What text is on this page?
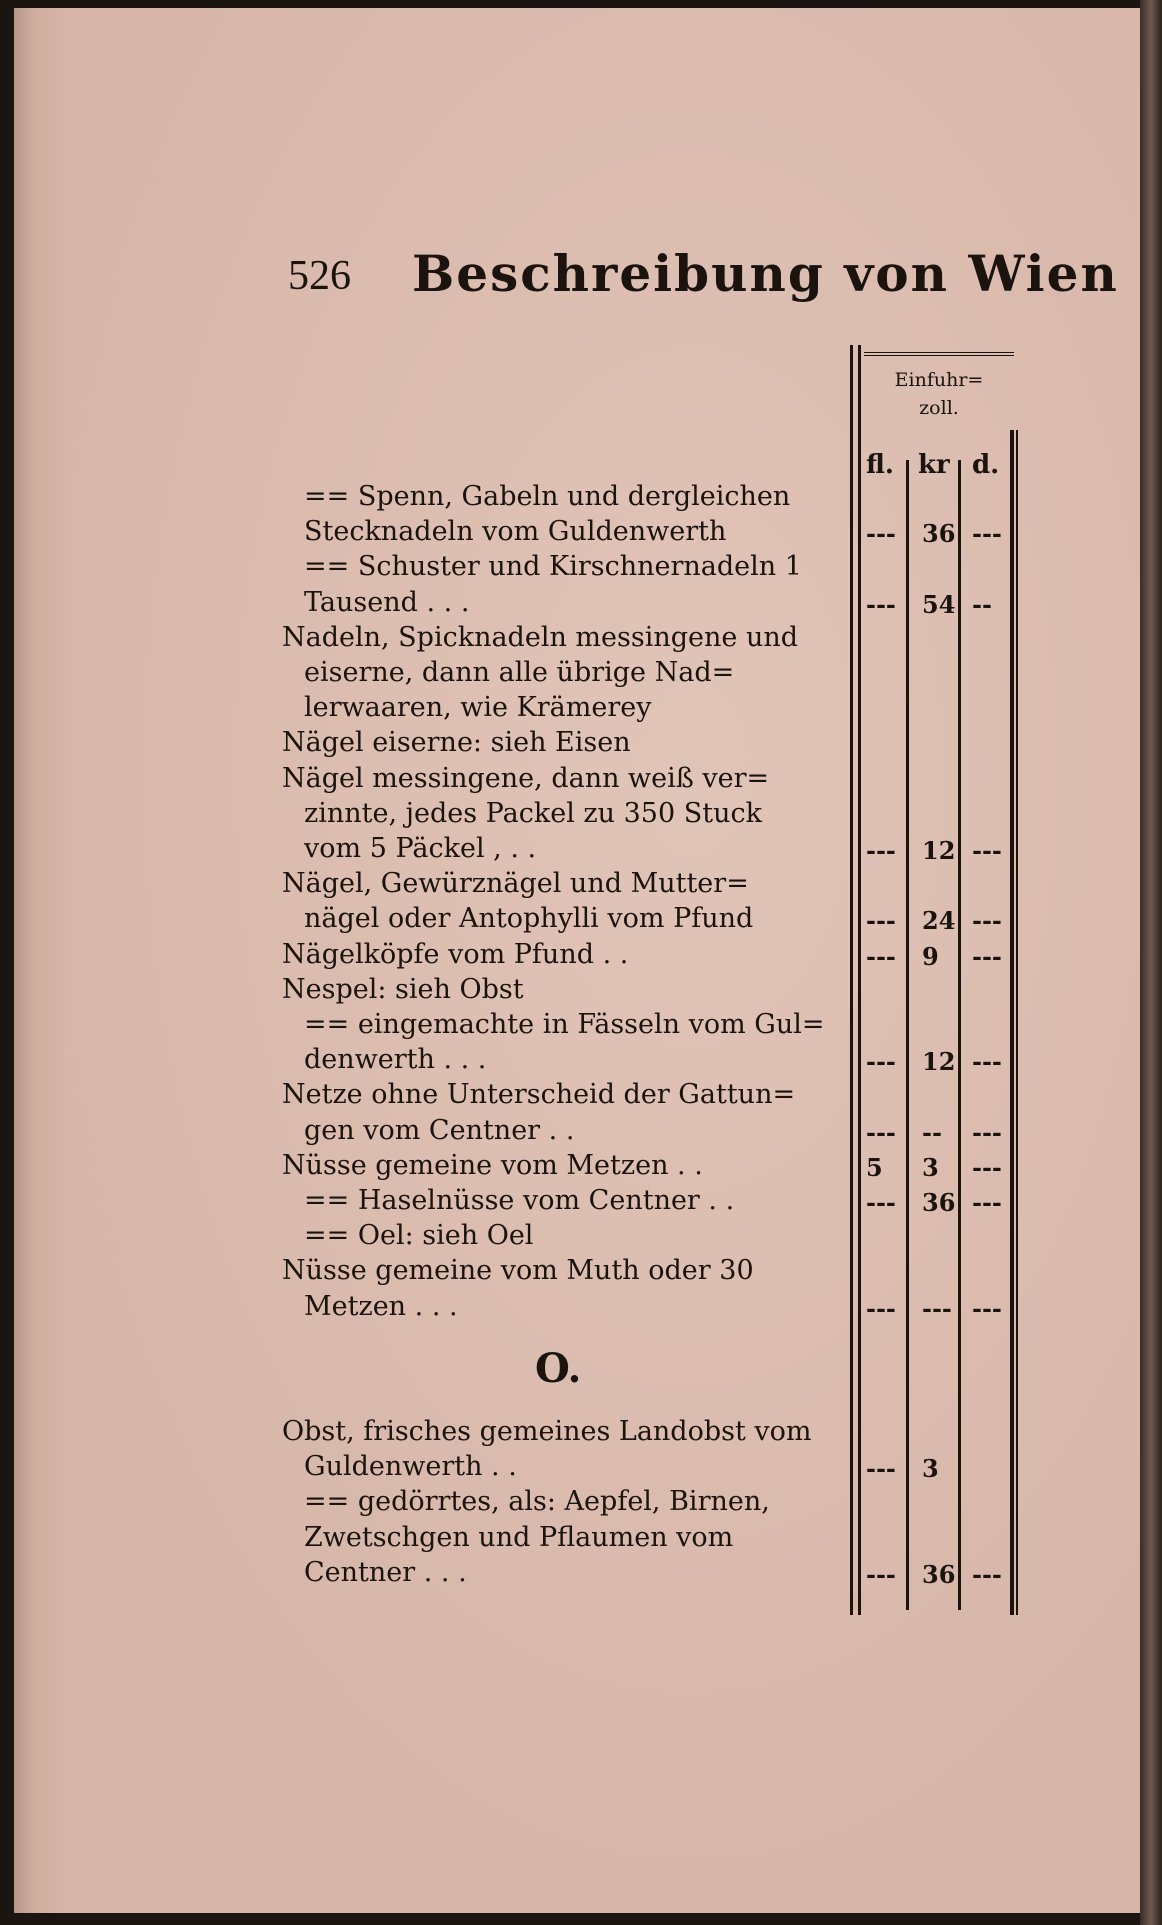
526 Beschreibung von Wien
Einfuhr=
zoll.
fl. kr d.
== Spenn, Gabeln und dergleichen
Stecknadeln vom Guldenwerth	--- 36 ---
== Schuster und Kirschnernadeln 1
Tausend . . .	--- 54 --
Nadeln, Spicknadeln messingene und
eiserne, dann alle übrige Nad=
lerwaaren, wie Krämerey
Nägel eiserne: sieh Eisen
Nägel messingene, dann weiß ver=
zinnte, jedes Packel zu 350 Stuck
vom 5 Päckel , . .	--- 12 ---
Nägel, Gewürznägel und Mutter=
nägel oder Antophylli vom Pfund	--- 24 ---
Nägelköpfe vom Pfund . .	--- 9 ---
Nespel: sieh Obst
== eingemachte in Fässeln vom Gul=
denwerth . . .	--- 12 ---
Netze ohne Unterscheid der Gattun=
gen vom Centner . .	--- -- ---
Nüsse gemeine vom Metzen . .	5 3 ---
== Haselnüsse vom Centner . .	--- 36 ---
== Oel: sieh Oel
Nüsse gemeine vom Muth oder 30
Metzen . . .	--- --- ---
O.
Obst, frisches gemeines Landobst vom
Guldenwerth . .	--- 3
== gedörrtes, als: Aepfel, Birnen,
Zwetschgen und Pflaumen vom
Centner . . .	--- 36 ---
